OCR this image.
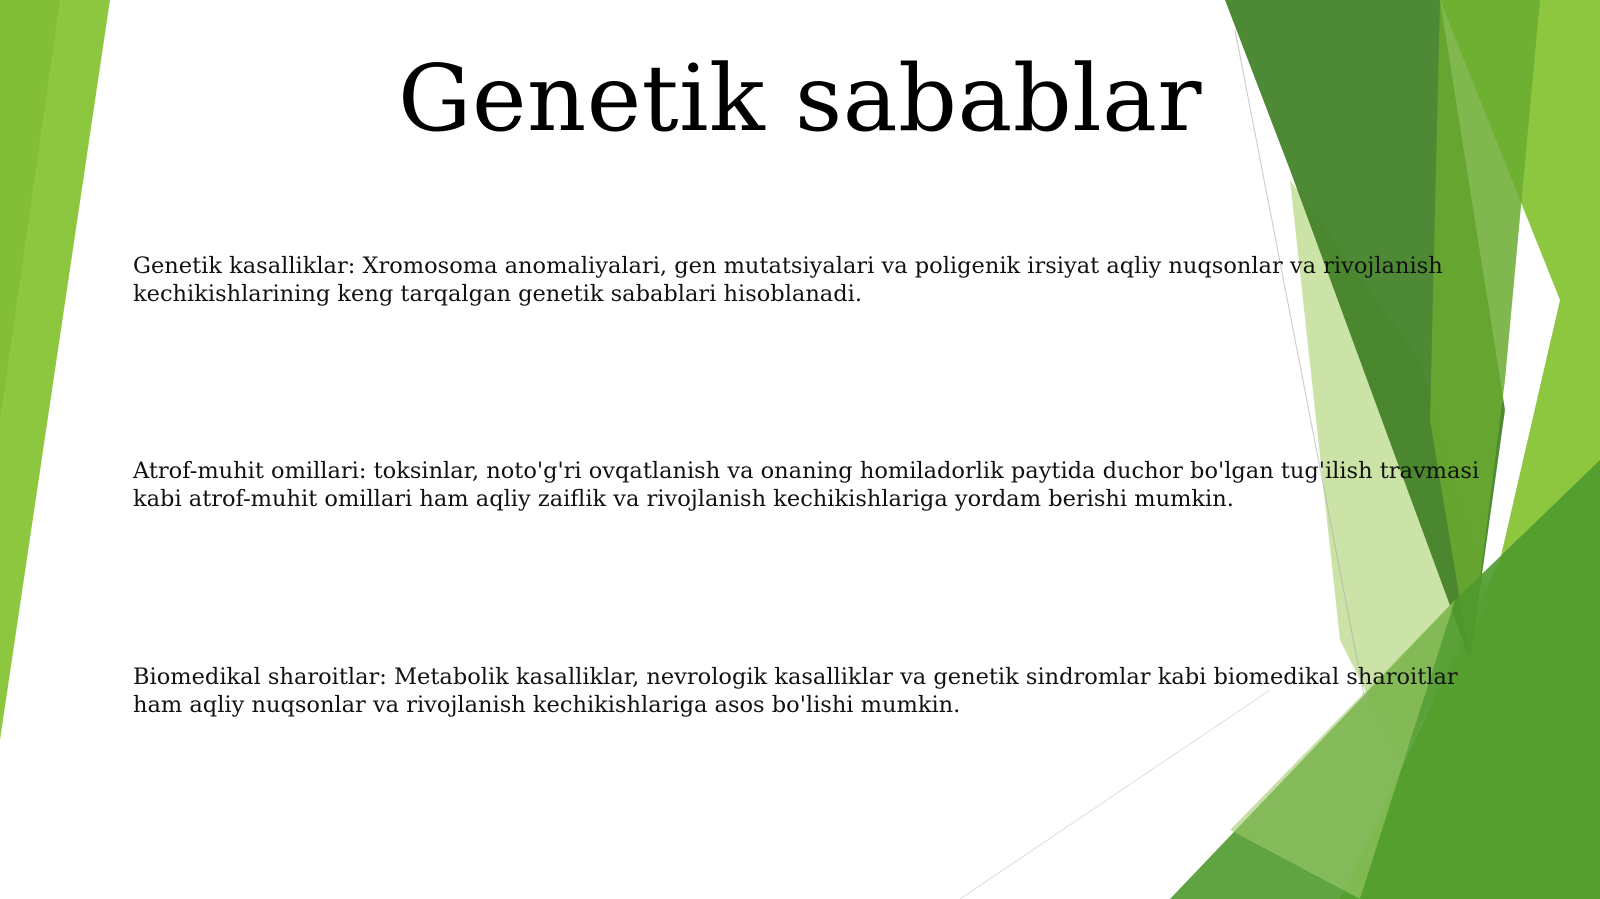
Genetik sabablar

Genetik kasalliklar: Xromosoma anomaliyalari, gen mutatsiyalari va poligenik irsiyat aqliy nuqsonlar va rivojlanish kechikishlarining keng tarqalgan genetik sabablari hisoblanadi.

Atrof-muhit omillari: toksinlar, noto'g'ri ovqatlanish va onaning homiladorlik paytida duchor bo'lgan tug'ilish travmasi kabi atrof-muhit omillari ham aqliy zaiflik va rivojlanish kechikishlariga yordam berishi mumkin.

Biomedikal sharoitlar: Metabolik kasalliklar, nevrologik kasalliklar va genetik sindromlar kabi biomedikal sharoitlar ham aqliy nuqsonlar va rivojlanish kechikishlariga asos bo'lishi mumkin.
